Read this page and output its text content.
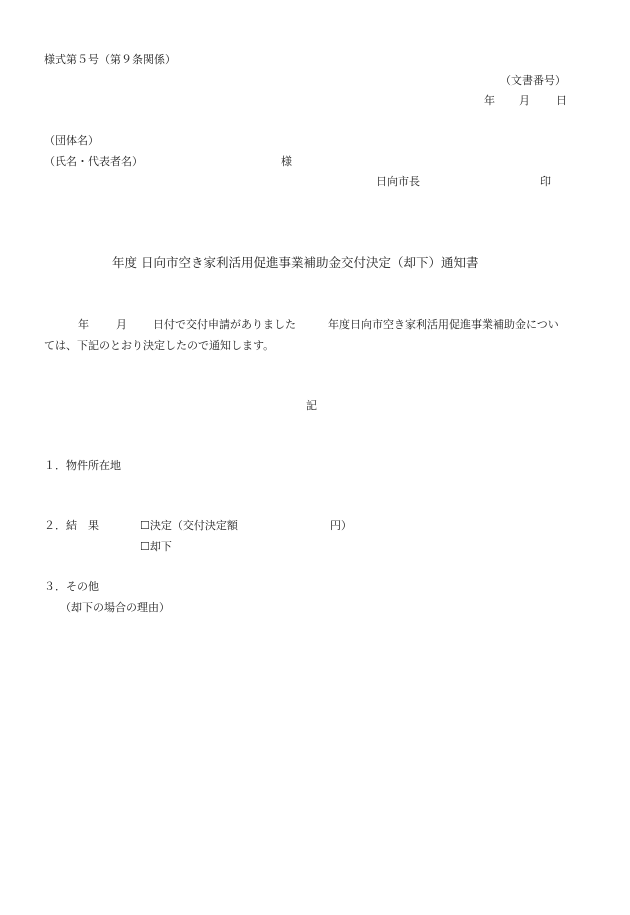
様式第５号（第９条関係）
（文書番号）
年 月 日
（団体名）
（氏名・代表者名）	様
日向市長	印
年度 日向市空き家利活用促進事業補助金交付決定（却下）通知書
年 月 日付で交付申請がありました	年度日向市空き家利活用促進事業補助金につい
ては、下記のとおり決定したので通知します。
記
１．物件所在地
２．結　果	☐決定（交付決定額	円）
☐却下
３．その他
（却下の場合の理由）
